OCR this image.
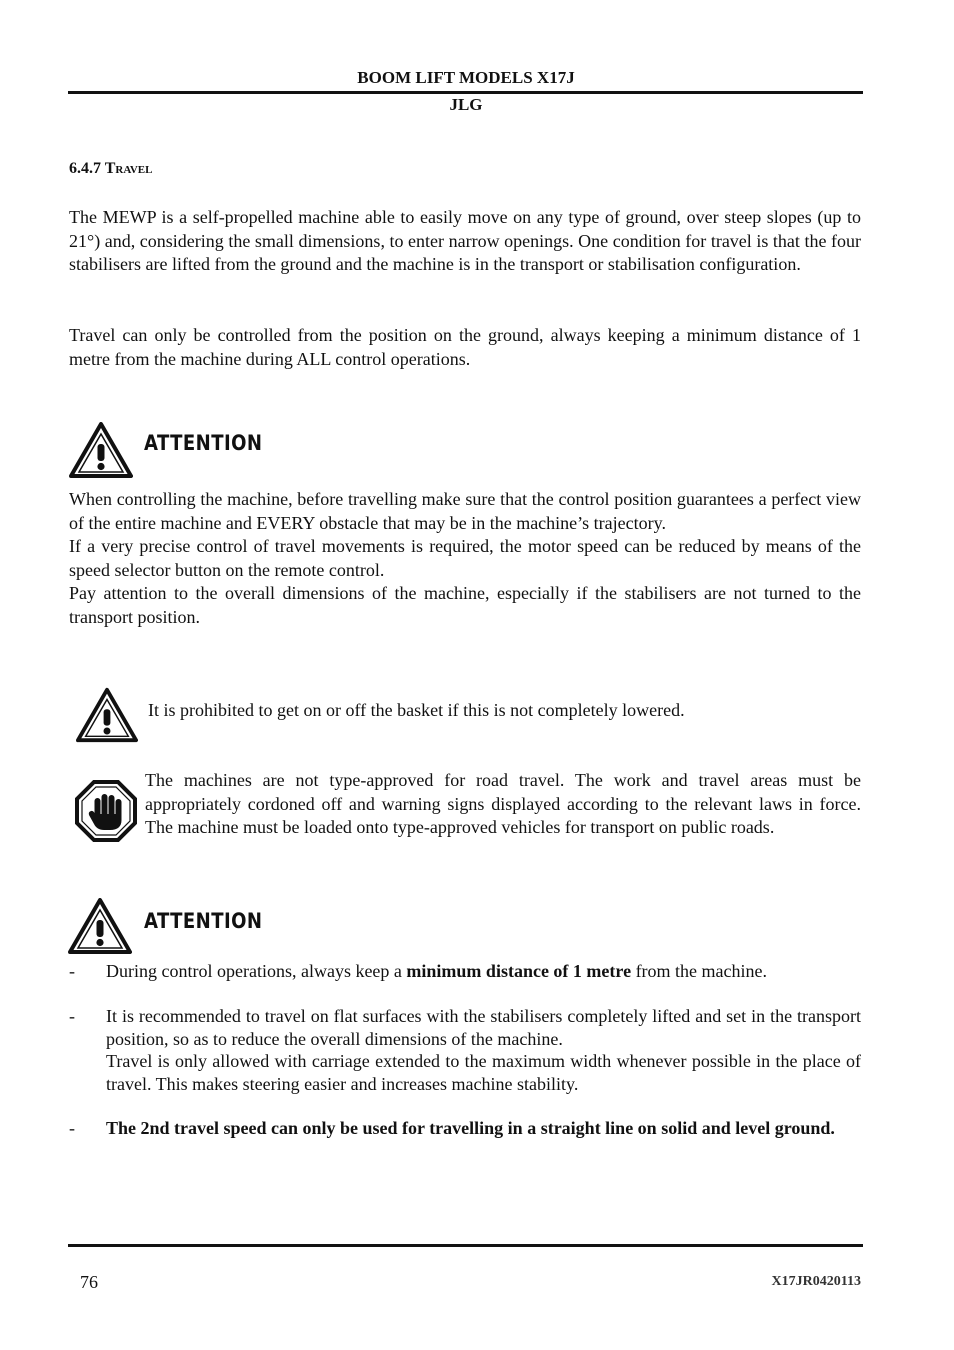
BOOM LIFT MODELS X17J
JLG
6.4.7 Travel

The MEWP is a self-propelled machine able to easily move on any type of ground, over steep slopes (up to 21°) and, considering the small dimensions, to enter narrow openings. One condition for travel is that the four stabilisers are lifted from the ground and the machine is in the transport or stabilisation configuration.

Travel can only be controlled from the position on the ground, always keeping a minimum distance of 1 metre from the machine during ALL control operations.

ATTENTION

When controlling the machine, before travelling make sure that the control position guarantees a perfect view of the entire machine and EVERY obstacle that may be in the machine’s trajectory.

If a very precise control of travel movements is required, the motor speed can be reduced by means of the speed selector button on the remote control.

Pay attention to the overall dimensions of the machine, especially if the stabilisers are not turned to the transport position.

It is prohibited to get on or off the basket if this is not completely lowered.
The machines are not type-approved for road travel. The work and travel areas must be appropriately cordoned off and warning signs displayed according to the relevant laws in force. The machine must be loaded onto type-approved vehicles for transport on public roads.
ATTENTION
- During control operations, always keep a minimum distance of 1 metre from the machine.
- It is recommended to travel on flat surfaces with the stabilisers completely lifted and set in the transport position, so as to reduce the overall dimensions of the machine.
Travel is only allowed with carriage extended to the maximum width whenever possible in the place of travel. This makes steering easier and increases machine stability.
- The 2nd travel speed can only be used for travelling in a straight line on solid and level ground.
76	X17JR0420113
